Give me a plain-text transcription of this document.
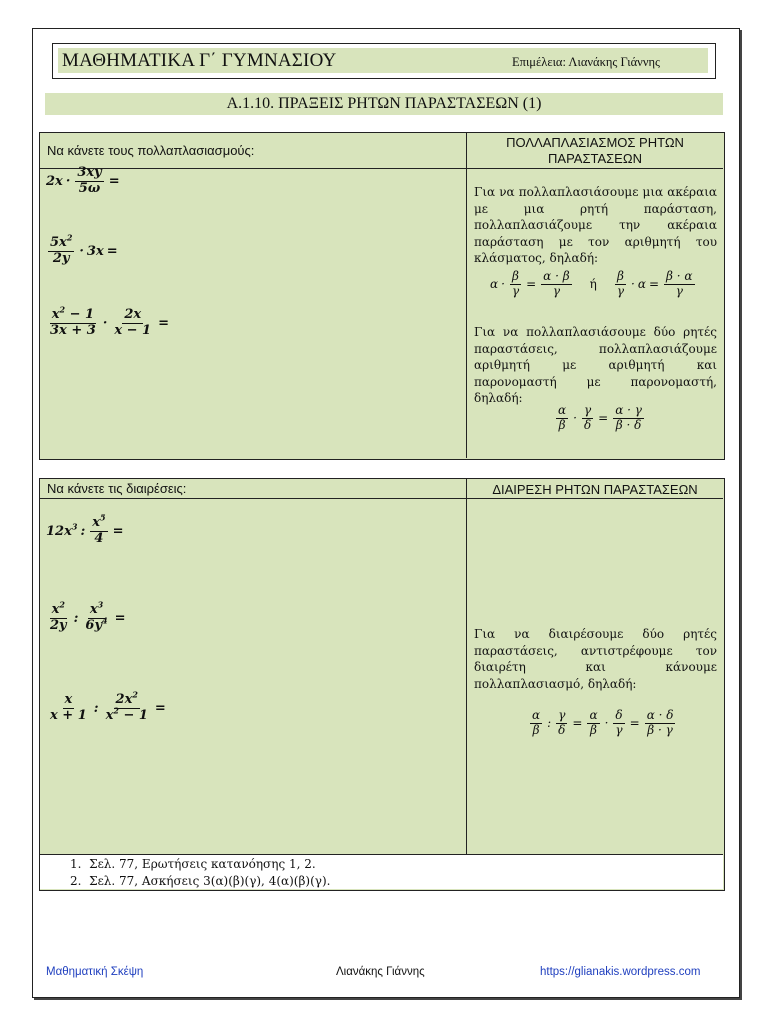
ΜΑΘΗΜΑΤΙΚΑ Γ΄ ΓΥΜΝΑΣΙΟΥ	Επιμέλεια: Λιανάκης Γιάννης
Α.1.10. ΠΡΑΞΕΙΣ ΡΗΤΩΝ ΠΑΡΑΣΤΑΣΕΩΝ (1)
Να κάνετε τους πολλαπλασιασμούς:
ΠΟΛΛΑΠΛΑΣΙΑΣΜΟΣ ΡΗΤΩΝ ΠΑΡΑΣΤΑΣΕΩΝ
$2x \cdot \frac{3xy}{5\omega}$ =
$\frac{5x^2}{2y} \cdot 3x$ =
$\frac{x^2 - 1}{3x + 3} \cdot \frac{2x}{x - 1}$ =
Για να πολλαπλασιάσουμε μια ακέραια με μια ρητή παράσταση, πολλαπλασιάζουμε την ακέραια παράσταση με τον αριθμητή του κλάσματος, δηλαδή:
$\alpha \cdot \frac{\beta}{\gamma} = \frac{\alpha \cdot \beta}{\gamma}$ ή $\frac{\beta}{\gamma} \cdot \alpha = \frac{\beta \cdot \alpha}{\gamma}$
Για να πολλαπλασιάσουμε δύο ρητές παραστάσεις, πολλαπλασιάζουμε αριθμητή με αριθμητή και παρονομαστή με παρονομαστή, δηλαδή:
$\frac{\alpha}{\beta} \cdot \frac{\gamma}{\delta} = \frac{\alpha \cdot \gamma}{\beta \cdot \delta}$
Να κάνετε τις διαιρέσεις:	ΔΙΑΙΡΕΣΗ ΡΗΤΩΝ ΠΑΡΑΣΤΑΣΕΩΝ
$12x^3$ : $\frac{x^5}{4}$ =
$\frac{x^2}{2y}$ : $\frac{x^3}{6y^4}$ =
$\frac{x}{x + 1}$ : $\frac{2x^2}{x^2 - 1}$ =
Για να διαιρέσουμε δύο ρητές παραστάσεις, αντιστρέφουμε τον διαιρέτη και κάνουμε πολλαπλασιασμό, δηλαδή:
$\frac{\alpha}{\beta}$ : $\frac{\gamma}{\delta} = \frac{\alpha}{\beta} \cdot \frac{\delta}{\gamma} = \frac{\alpha \cdot \delta}{\beta \cdot \gamma}$
1. Σελ. 77, Ερωτήσεις κατανόησης 1, 2.
2. Σελ. 77, Ασκήσεις 3(α)(β)(γ), 4(α)(β)(γ).
Μαθηματική Σκέψη	Λιανάκης Γιάννης	https://glianakis.wordpress.com
